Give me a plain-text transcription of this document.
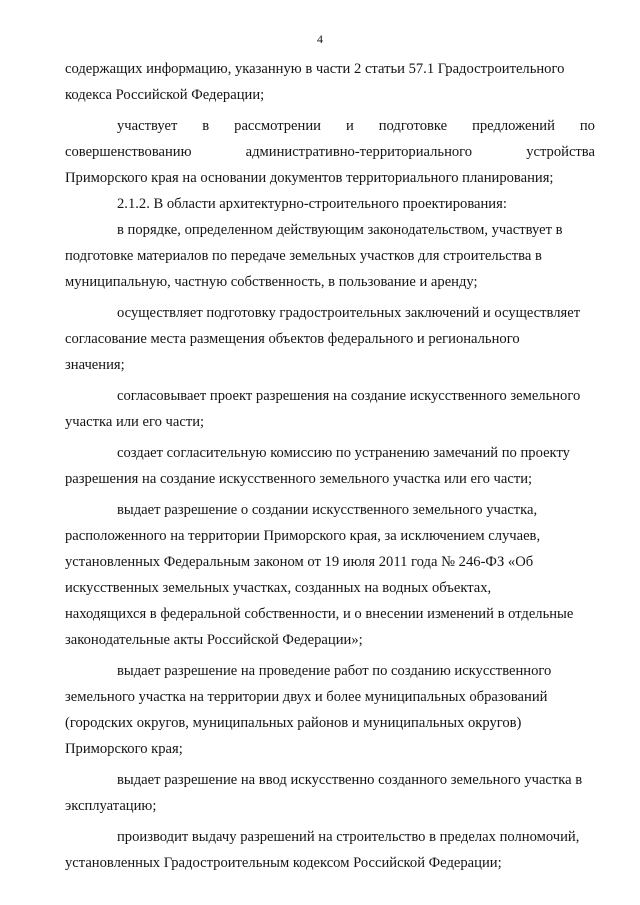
4
содержащих информацию, указанную в части 2 статьи 57.1 Градостроительного
кодекса Российской Федерации;
участвует в рассмотрении и подготовке предложений по
совершенствованию	административно-территориального	устройства
Приморского края на основании документов территориального планирования;
2.1.2. В области архитектурно-строительного проектирования:
в порядке, определенном действующим законодательством, участвует в
подготовке материалов по передаче земельных участков для строительства в
муниципальную, частную собственность, в пользование и аренду;
осуществляет подготовку градостроительных заключений и осуществляет
согласование места размещения объектов федерального и регионального
значения;
согласовывает проект разрешения на создание искусственного земельного
участка или его части;
создает согласительную комиссию по устранению замечаний по проекту
разрешения на создание искусственного земельного участка или его части;
выдает разрешение о создании искусственного земельного участка,
расположенного на территории Приморского края, за исключением случаев,
установленных Федеральным законом от 19 июля 2011 года № 246-ФЗ «Об
искусственных земельных участках, созданных на водных объектах,
находящихся в федеральной собственности, и о внесении изменений в отдельные
законодательные акты Российской Федерации»;
выдает разрешение на проведение работ по созданию искусственного
земельного участка на территории двух и более муниципальных образований
(городских округов, муниципальных районов и муниципальных округов)
Приморского края;
выдает разрешение на ввод искусственно созданного земельного участка в
эксплуатацию;
производит выдачу разрешений на строительство в пределах полномочий,
установленных Градостроительным кодексом Российской Федерации;
